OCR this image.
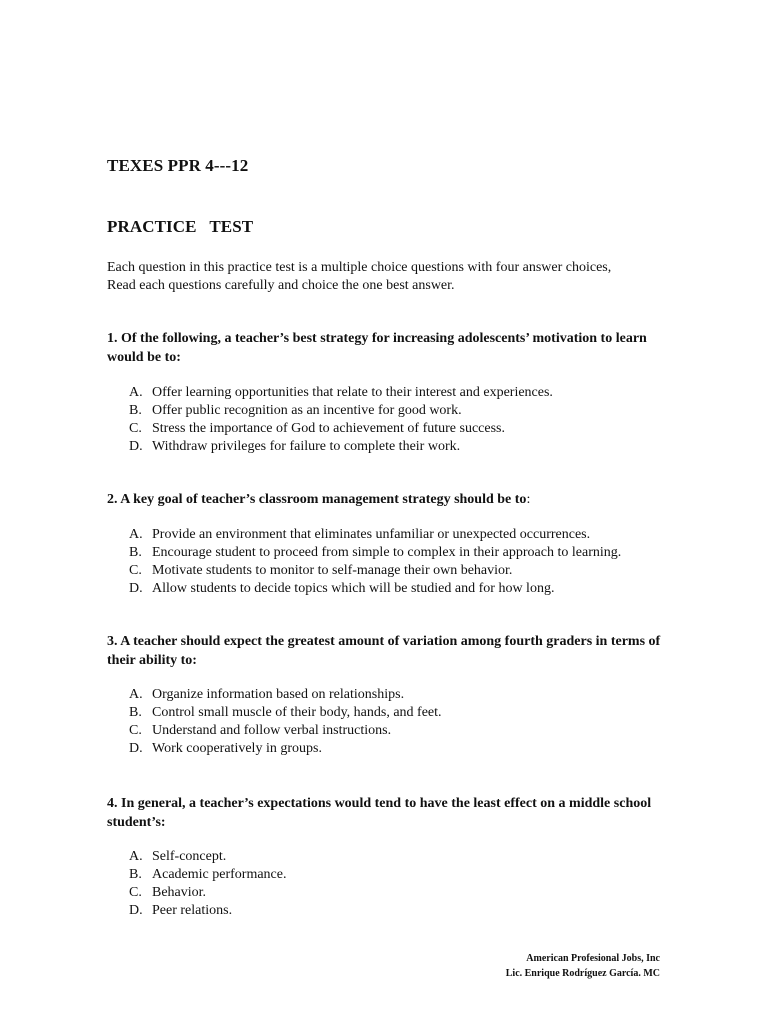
TEXES PPR 4---12
PRACTICE   TEST

Each question in this practice test is a multiple choice questions with four answer choices,
Read each questions carefully and choice the one best answer.

1. Of the following, a teacher’s best strategy for increasing adolescents’ motivation to learn would be to:

A. Offer learning opportunities that relate to their interest and experiences.
B. Offer public recognition as an incentive for good work.
C. Stress the importance of God to achievement of future success.
D. Withdraw privileges for failure to complete their work.

2. A key goal of teacher’s classroom management strategy should be to:

A. Provide an environment that eliminates unfamiliar or unexpected occurrences.
B. Encourage student to proceed from simple to complex in their approach to learning.
C. Motivate students to monitor to self-manage their own behavior.
D. Allow students to decide topics which will be studied and for how long.

3. A teacher should expect the greatest amount of variation among fourth graders in terms of their ability to:

A. Organize information based on relationships.
B. Control small muscle of their body, hands, and feet.
C. Understand and follow verbal instructions.
D. Work cooperatively in groups.

4. In general, a teacher’s expectations would tend to have the least effect on a middle school student’s:

A. Self-concept.
B. Academic performance.
C. Behavior.
D. Peer relations.
American Profesional Jobs, Inc
Lic. Enrique Rodríguez García. MC
